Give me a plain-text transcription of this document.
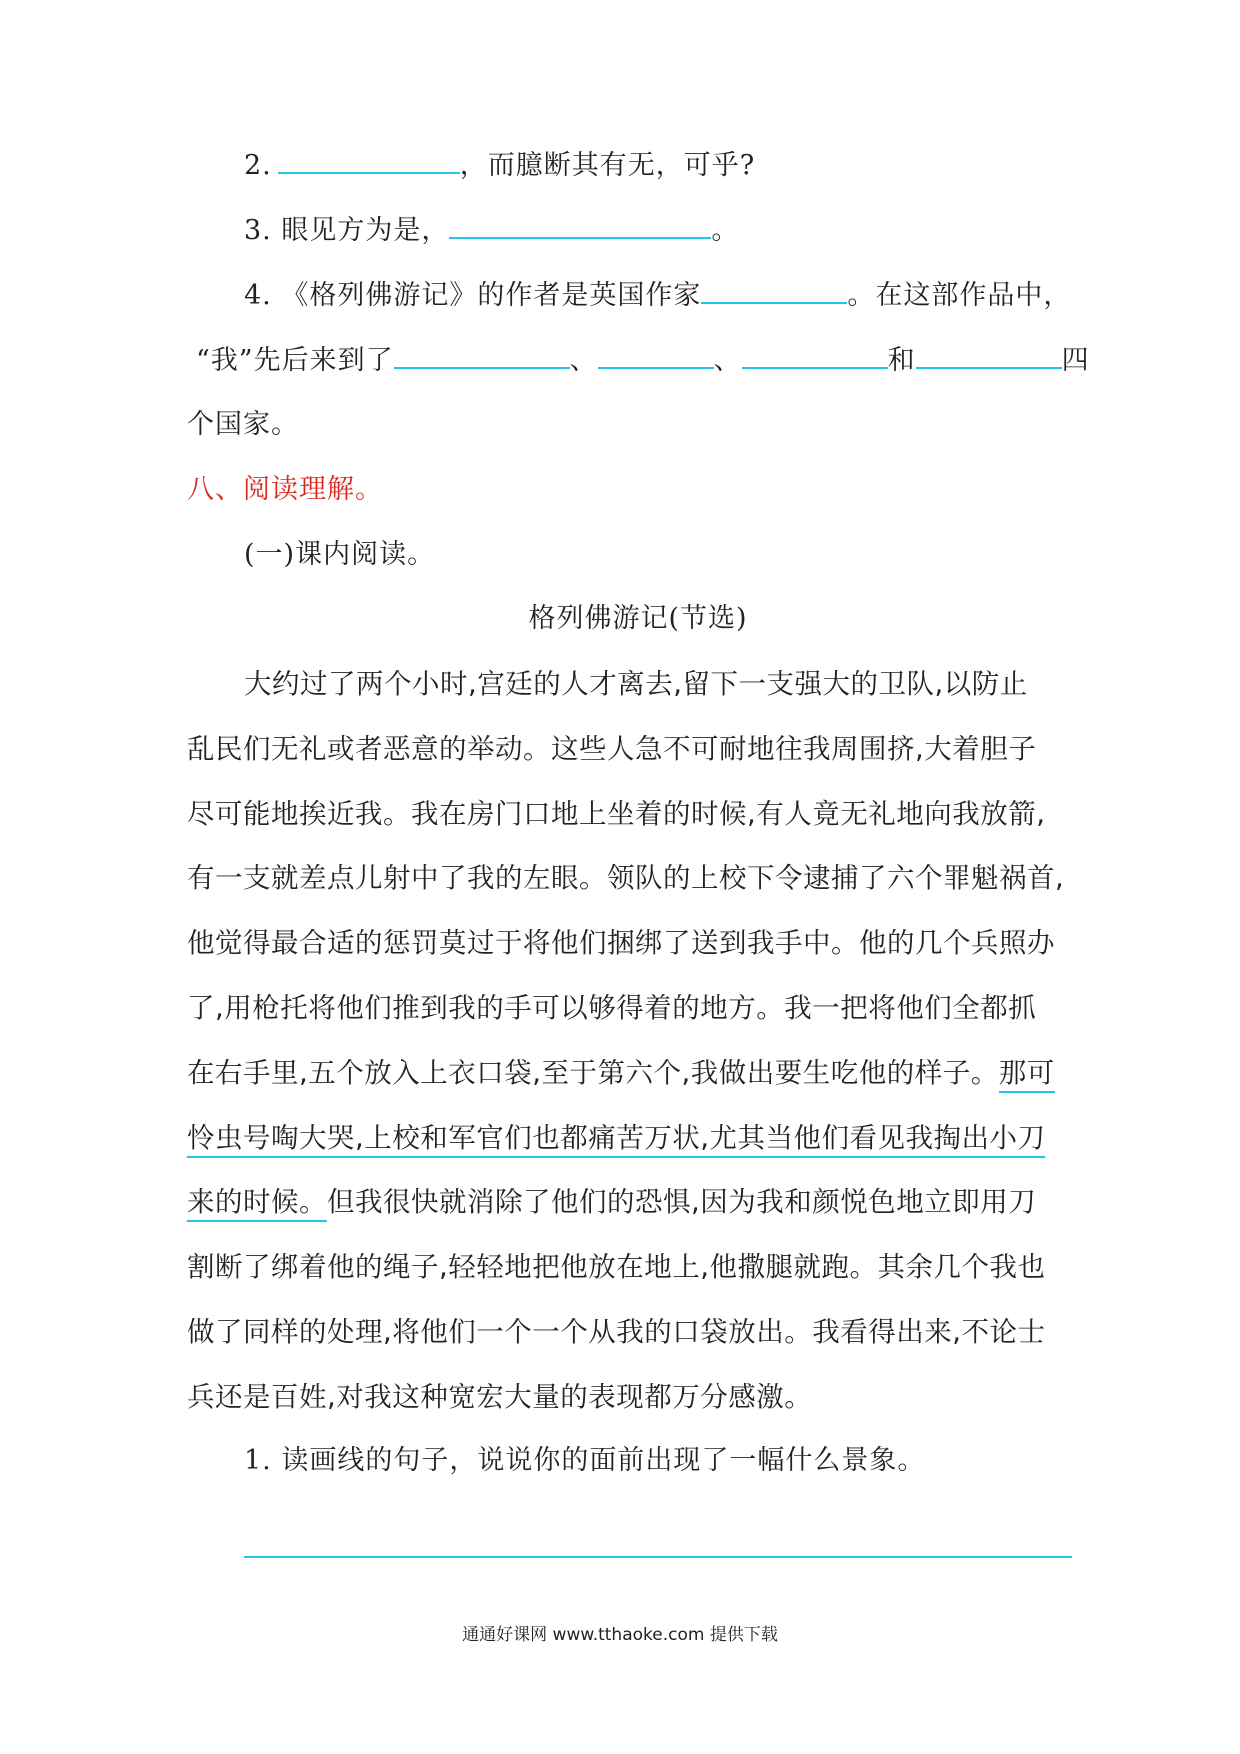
2.	，而臆断其有无，可乎?
3. 眼见方为是，	。
4. 《格列佛游记》的作者是英国作家	。在这部作品中，
“我”先后来到了	、	、	和	四
个国家。
八、阅读理解。
(一)课内阅读。
格列佛游记(节选)
大约过了两个小时,宫廷的人才离去,留下一支强大的卫队,以防止
乱民们无礼或者恶意的举动。这些人急不可耐地往我周围挤,大着胆子
尽可能地挨近我。我在房门口地上坐着的时候,有人竟无礼地向我放箭,
有一支就差点儿射中了我的左眼。领队的上校下令逮捕了六个罪魁祸首,
他觉得最合适的惩罚莫过于将他们捆绑了送到我手中。他的几个兵照办
了,用枪托将他们推到我的手可以够得着的地方。我一把将他们全都抓
在右手里,五个放入上衣口袋,至于第六个,我做出要生吃他的样子。那可
怜虫号啕大哭,上校和军官们也都痛苦万状,尤其当他们看见我掏出小刀
来的时候。但我很快就消除了他们的恐惧,因为我和颜悦色地立即用刀
割断了绑着他的绳子,轻轻地把他放在地上,他撒腿就跑。其余几个我也
做了同样的处理,将他们一个一个从我的口袋放出。我看得出来,不论士
兵还是百姓,对我这种宽宏大量的表现都万分感激。
1. 读画线的句子，说说你的面前出现了一幅什么景象。
通通好课网 www.tthaoke.com 提供下载
